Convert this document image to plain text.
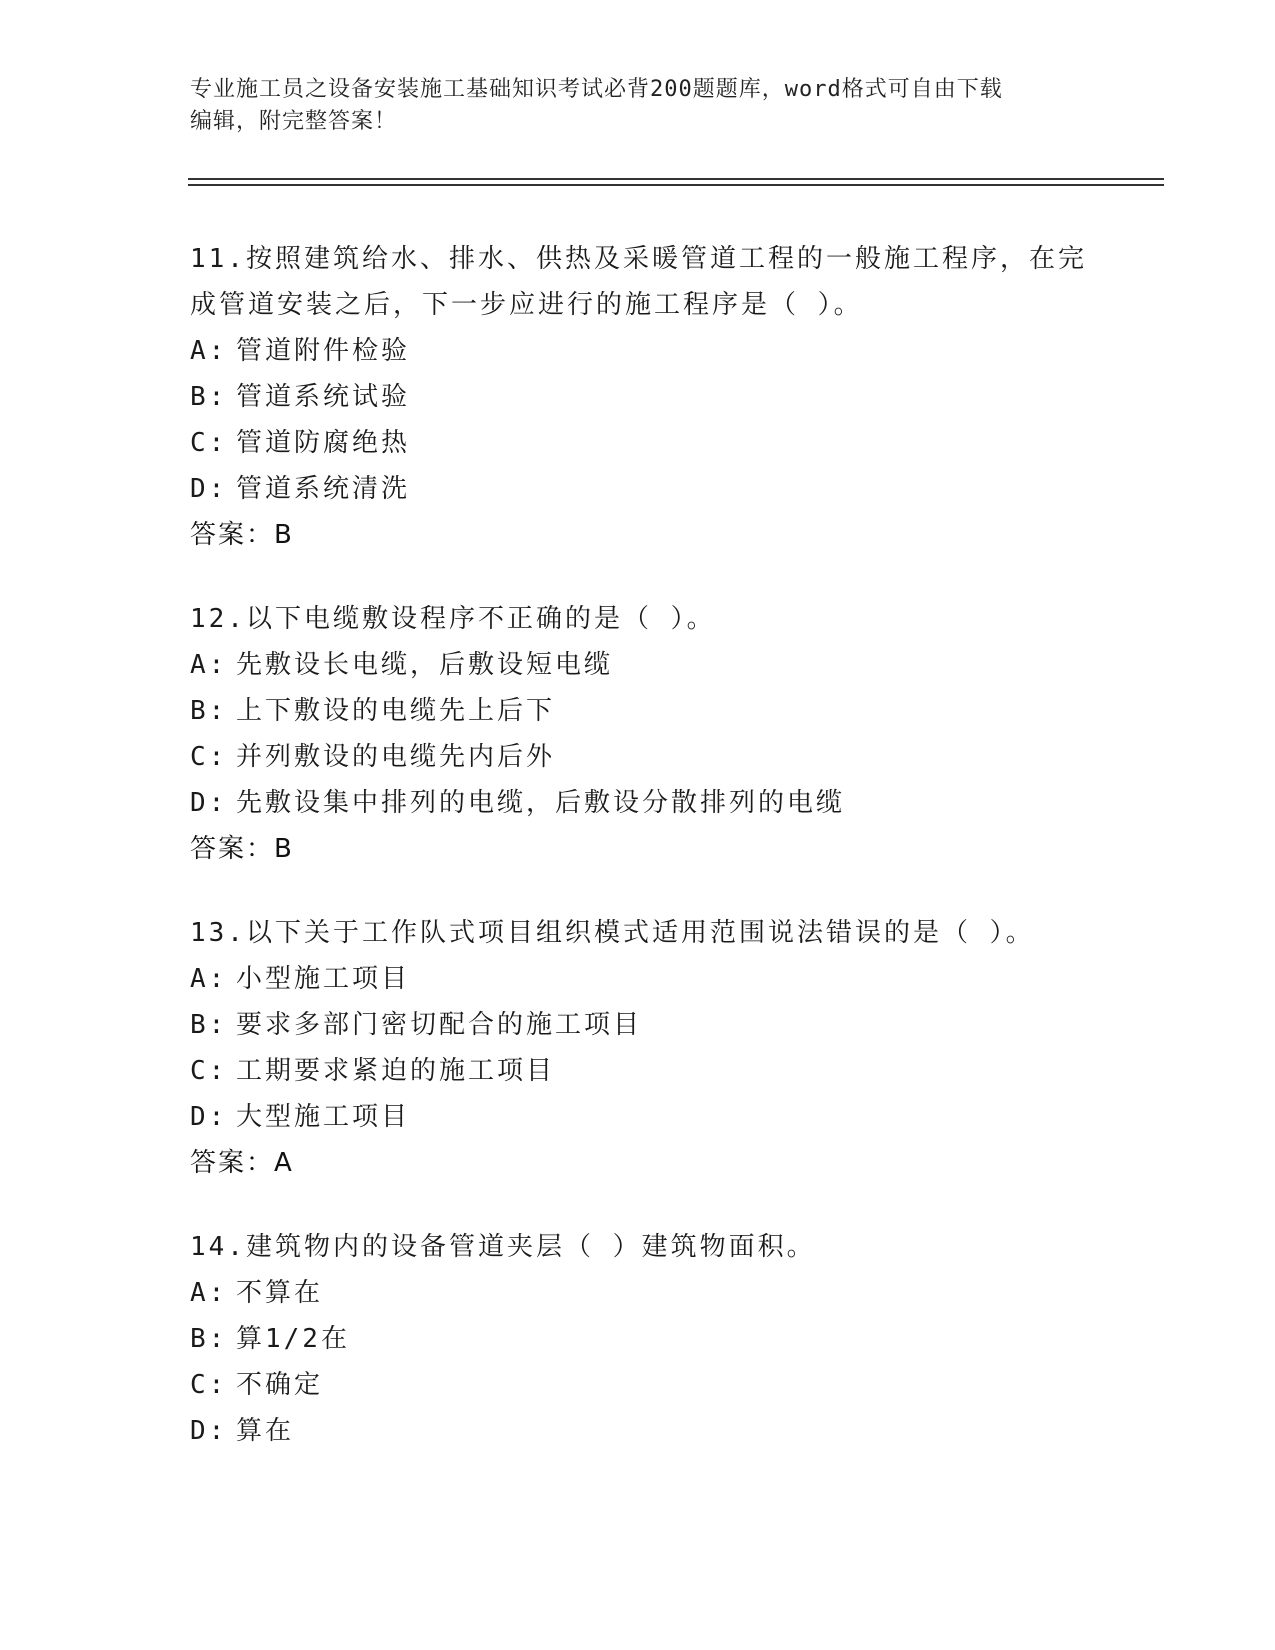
专业施工员之设备安装施工基础知识考试必背200题题库，word格式可自由下载
编辑，附完整答案！
11.按照建筑给水、排水、供热及采暖管道工程的一般施工程序，在完
成管道安装之后，下一步应进行的施工程序是（ ）。
A: 管道附件检验
B: 管道系统试验
C: 管道防腐绝热
D: 管道系统清洗
答案：B
12.以下电缆敷设程序不正确的是（ ）。
A: 先敷设长电缆，后敷设短电缆
B: 上下敷设的电缆先上后下
C: 并列敷设的电缆先内后外
D: 先敷设集中排列的电缆，后敷设分散排列的电缆
答案：B
13.以下关于工作队式项目组织模式适用范围说法错误的是（ ）。
A: 小型施工项目
B: 要求多部门密切配合的施工项目
C: 工期要求紧迫的施工项目
D: 大型施工项目
答案：A
14.建筑物内的设备管道夹层（ ）建筑物面积。
A: 不算在
B: 算1/2在
C: 不确定
D: 算在
